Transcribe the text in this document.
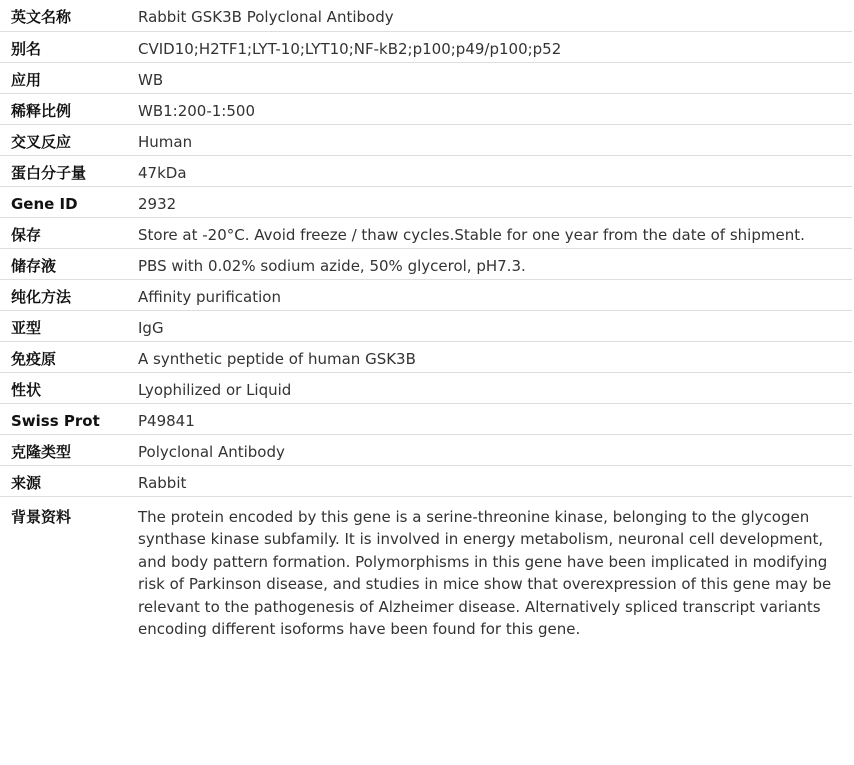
英文名称	Rabbit GSK3B Polyclonal Antibody
别名	CVID10;H2TF1;LYT-10;LYT10;NF-kB2;p100;p49/p100;p52
应用	WB
稀释比例	WB1:200-1:500
交叉反应	Human
蛋白分子量	47kDa
Gene ID	2932
保存	Store at -20°C. Avoid freeze / thaw cycles.Stable for one year from the date of shipment.
储存液	PBS with 0.02% sodium azide, 50% glycerol, pH7.3.
纯化方法	Affinity purification
亚型	IgG
免疫原	A synthetic peptide of human GSK3B
性状	Lyophilized or Liquid
Swiss Prot	P49841
克隆类型	Polyclonal Antibody
来源	Rabbit
背景资料	The protein encoded by this gene is a serine-threonine kinase, belonging to the glycogen synthase kinase subfamily. It is involved in energy metabolism, neuronal cell development, and body pattern formation. Polymorphisms in this gene have been implicated in modifying risk of Parkinson disease, and studies in mice show that overexpression of this gene may be relevant to the pathogenesis of Alzheimer disease. Alternatively spliced transcript variants encoding different isoforms have been found for this gene.
